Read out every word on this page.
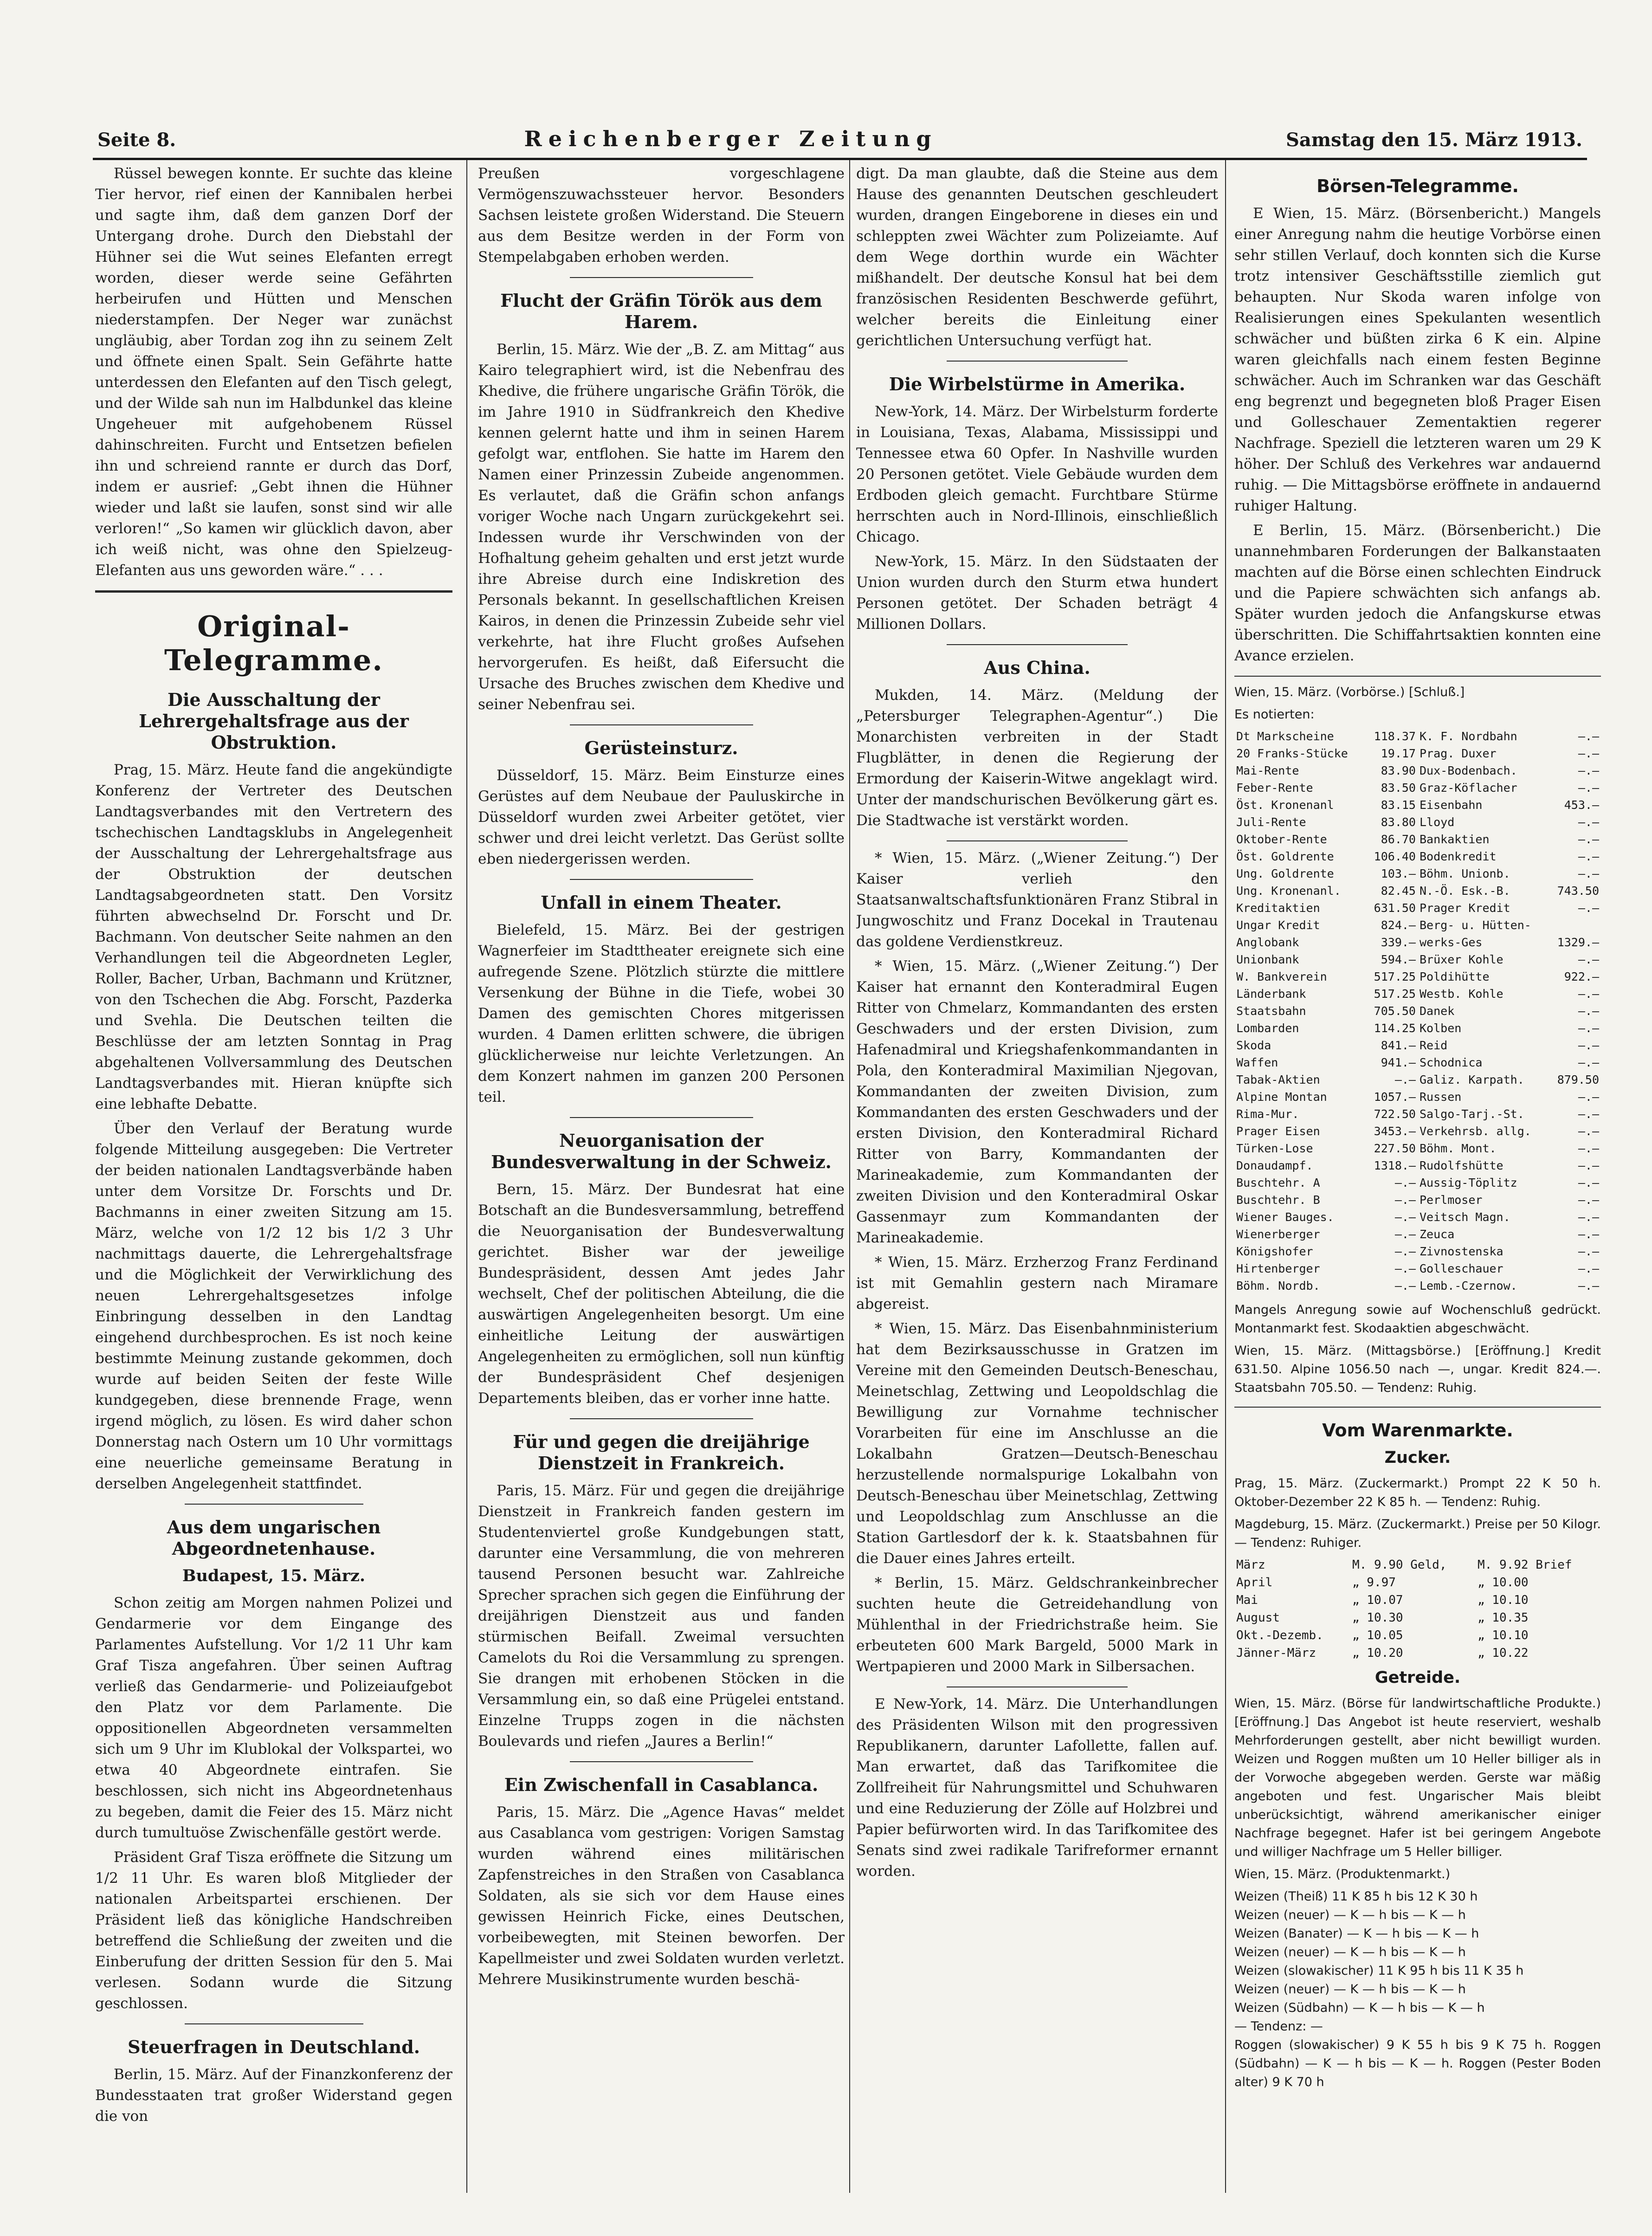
Seite 8.	Reichenberger Zeitung	Samstag den 15. März 1913.

Rüssel bewegen konnte. Er suchte das kleine Tier hervor, rief einen der Kannibalen herbei und sagte ihm, daß dem ganzen Dorf der Untergang drohe. Durch den Diebstahl der Hühner sei die Wut seines Elefanten erregt worden, dieser werde seine Gefährten herbeirufen und Hütten und Menschen niederstampfen. Der Neger war zunächst ungläubig, aber Tordan zog ihn zu seinem Zelt und öffnete einen Spalt. Sein Gefährte hatte unterdessen den Elefanten auf den Tisch gelegt, und der Wilde sah nun im Halbdunkel das kleine Ungeheuer mit aufgehobenem Rüssel dahinschreiten. Furcht und Entsetzen befielen ihn und schreiend rannte er durch das Dorf, indem er ausrief: „Gebt ihnen die Hühner wieder und laßt sie laufen, sonst sind wir alle verloren!“ „So kamen wir glücklich davon, aber ich weiß nicht, was ohne den Spielzeug-Elefanten aus uns geworden wäre.“ . . .

Original-Telegramme.
Die Ausschaltung der Lehrergehaltsfrage aus der Obstruktion.

Prag, 15. März. Heute fand die angekündigte Konferenz der Vertreter des Deutschen Landtagsverbandes mit den Vertretern des tschechischen Landtagsklubs in Angelegenheit der Ausschaltung der Lehrergehaltsfrage aus der Obstruktion der deutschen Landtagsabgeordneten statt. Den Vorsitz führten abwechselnd Dr. Forscht und Dr. Bachmann. Von deutscher Seite nahmen an den Verhandlungen teil die Abgeordneten Legler, Roller, Bacher, Urban, Bachmann und Krützner, von den Tschechen die Abg. Forscht, Pazderka und Svehla. Die Deutschen teilten die Beschlüsse der am letzten Sonntag in Prag abgehaltenen Vollversammlung des Deutschen Landtagsverbandes mit. Hieran knüpfte sich eine lebhafte Debatte.

Über den Verlauf der Beratung wurde folgende Mitteilung ausgegeben: Die Vertreter der beiden nationalen Landtagsverbände haben unter dem Vorsitze Dr. Forschts und Dr. Bachmanns in einer zweiten Sitzung am 15. März, welche von 1/2 12 bis 1/2 3 Uhr nachmittags dauerte, die Lehrergehaltsfrage und die Möglichkeit der Verwirklichung des neuen Lehrergehaltsgesetzes infolge Einbringung desselben in den Landtag eingehend durchbesprochen. Es ist noch keine bestimmte Meinung zustande gekommen, doch wurde auf beiden Seiten der feste Wille kundgegeben, diese brennende Frage, wenn irgend möglich, zu lösen. Es wird daher schon Donnerstag nach Ostern um 10 Uhr vormittags eine neuerliche gemeinsame Beratung in derselben Angelegenheit stattfindet.

Aus dem ungarischen Abgeordnetenhause.
Budapest, 15. März.

Schon zeitig am Morgen nahmen Polizei und Gendarmerie vor dem Eingange des Parlamentes Aufstellung. Vor 1/2 11 Uhr kam Graf Tisza angefahren. Über seinen Auftrag verließ das Gendarmerie- und Polizeiaufgebot den Platz vor dem Parlamente. Die oppositionellen Abgeordneten versammelten sich um 9 Uhr im Klublokal der Volkspartei, wo etwa 40 Abgeordnete eintrafen. Sie beschlossen, sich nicht ins Abgeordnetenhaus zu begeben, damit die Feier des 15. März nicht durch tumultuöse Zwischenfälle gestört werde.

Präsident Graf Tisza eröffnete die Sitzung um 1/2 11 Uhr. Es waren bloß Mitglieder der nationalen Arbeitspartei erschienen. Der Präsident ließ das königliche Handschreiben betreffend die Schließung der zweiten und die Einberufung der dritten Session für den 5. Mai verlesen. Sodann wurde die Sitzung geschlossen.

Steuerfragen in Deutschland.

Berlin, 15. März. Auf der Finanzkonferenz der Bundesstaaten trat großer Widerstand gegen die von

Preußen vorgeschlagene Vermögenszuwachssteuer hervor. Besonders Sachsen leistete großen Widerstand. Die Steuern aus dem Besitze werden in der Form von Stempelabgaben erhoben werden.

Flucht der Gräfin Török aus dem Harem.

Berlin, 15. März. Wie der „B. Z. am Mittag“ aus Kairo telegraphiert wird, ist die Nebenfrau des Khedive, die frühere ungarische Gräfin Török, die im Jahre 1910 in Südfrankreich den Khedive kennen gelernt hatte und ihm in seinen Harem gefolgt war, entflohen. Sie hatte im Harem den Namen einer Prinzessin Zubeide angenommen. Es verlautet, daß die Gräfin schon anfangs voriger Woche nach Ungarn zurückgekehrt sei. Indessen wurde ihr Verschwinden von der Hofhaltung geheim gehalten und erst jetzt wurde ihre Abreise durch eine Indiskretion des Personals bekannt. In gesellschaftlichen Kreisen Kairos, in denen die Prinzessin Zubeide sehr viel verkehrte, hat ihre Flucht großes Aufsehen hervorgerufen. Es heißt, daß Eifersucht die Ursache des Bruches zwischen dem Khedive und seiner Nebenfrau sei.

Gerüsteinsturz.

Düsseldorf, 15. März. Beim Einsturze eines Gerüstes auf dem Neubaue der Pauluskirche in Düsseldorf wurden zwei Arbeiter getötet, vier schwer und drei leicht verletzt. Das Gerüst sollte eben niedergerissen werden.

Unfall in einem Theater.

Bielefeld, 15. März. Bei der gestrigen Wagnerfeier im Stadttheater ereignete sich eine aufregende Szene. Plötzlich stürzte die mittlere Versenkung der Bühne in die Tiefe, wobei 30 Damen des gemischten Chores mitgerissen wurden. 4 Damen erlitten schwere, die übrigen glücklicherweise nur leichte Verletzungen. An dem Konzert nahmen im ganzen 200 Personen teil.

Neuorganisation der Bundesverwaltung in der Schweiz.

Bern, 15. März. Der Bundesrat hat eine Botschaft an die Bundesversammlung, betreffend die Neuorganisation der Bundesverwaltung gerichtet. Bisher war der jeweilige Bundespräsident, dessen Amt jedes Jahr wechselt, Chef der politischen Abteilung, die die auswärtigen Angelegenheiten besorgt. Um eine einheitliche Leitung der auswärtigen Angelegenheiten zu ermöglichen, soll nun künftig der Bundespräsident Chef desjenigen Departements bleiben, das er vorher inne hatte.

Für und gegen die dreijährige Dienstzeit in Frankreich.

Paris, 15. März. Für und gegen die dreijährige Dienstzeit in Frankreich fanden gestern im Studentenviertel große Kundgebungen statt, darunter eine Versammlung, die von mehreren tausend Personen besucht war. Zahlreiche Sprecher sprachen sich gegen die Einführung der dreijährigen Dienstzeit aus und fanden stürmischen Beifall. Zweimal versuchten Camelots du Roi die Versammlung zu sprengen. Sie drangen mit erhobenen Stöcken in die Versammlung ein, so daß eine Prügelei entstand. Einzelne Trupps zogen in die nächsten Boulevards und riefen „Jaures a Berlin!“

Ein Zwischenfall in Casablanca.

Paris, 15. März. Die „Agence Havas“ meldet aus Casablanca vom gestrigen: Vorigen Samstag wurden während eines militärischen Zapfenstreiches in den Straßen von Casablanca Soldaten, als sie sich vor dem Hause eines gewissen Heinrich Ficke, eines Deutschen, vorbeibewegten, mit Steinen beworfen. Der Kapellmeister und zwei Soldaten wurden verletzt. Mehrere Musikinstrumente wurden beschä-

digt. Da man glaubte, daß die Steine aus dem Hause des genannten Deutschen geschleudert wurden, drangen Eingeborene in dieses ein und schleppten zwei Wächter zum Polizeiamte. Auf dem Wege dorthin wurde ein Wächter mißhandelt. Der deutsche Konsul hat bei dem französischen Residenten Beschwerde geführt, welcher bereits die Einleitung einer gerichtlichen Untersuchung verfügt hat.

Die Wirbelstürme in Amerika.

New-York, 14. März. Der Wirbelsturm forderte in Louisiana, Texas, Alabama, Mississippi und Tennessee etwa 60 Opfer. In Nashville wurden 20 Personen getötet. Viele Gebäude wurden dem Erdboden gleich gemacht. Furchtbare Stürme herrschten auch in Nord-Illinois, einschließlich Chicago.

New-York, 15. März. In den Südstaaten der Union wurden durch den Sturm etwa hundert Personen getötet. Der Schaden beträgt 4 Millionen Dollars.

Aus China.

Mukden, 14. März. (Meldung der „Petersburger Telegraphen-Agentur“.) Die Monarchisten verbreiten in der Stadt Flugblätter, in denen die Regierung der Ermordung der Kaiserin-Witwe angeklagt wird. Unter der mandschurischen Bevölkerung gärt es. Die Stadtwache ist verstärkt worden.

* Wien, 15. März. („Wiener Zeitung.“) Der Kaiser verlieh den Staatsanwaltschaftsfunktionären Franz Stibral in Jungwoschitz und Franz Docekal in Trautenau das goldene Verdienstkreuz.

* Wien, 15. März. („Wiener Zeitung.“) Der Kaiser hat ernannt den Konteradmiral Eugen Ritter von Chmelarz, Kommandanten des ersten Geschwaders und der ersten Division, zum Hafenadmiral und Kriegshafenkommandanten in Pola, den Konteradmiral Maximilian Njegovan, Kommandanten der zweiten Division, zum Kommandanten des ersten Geschwaders und der ersten Division, den Konteradmiral Richard Ritter von Barry, Kommandanten der Marineakademie, zum Kommandanten der zweiten Division und den Konteradmiral Oskar Gassenmayr zum Kommandanten der Marineakademie.

* Wien, 15. März. Erzherzog Franz Ferdinand ist mit Gemahlin gestern nach Miramare abgereist.

* Wien, 15. März. Das Eisenbahnministerium hat dem Bezirksausschusse in Gratzen im Vereine mit den Gemeinden Deutsch-Beneschau, Meinetschlag, Zettwing und Leopoldschlag die Bewilligung zur Vornahme technischer Vorarbeiten für eine im Anschlusse an die Lokalbahn Gratzen—Deutsch-Beneschau herzustellende normalspurige Lokalbahn von Deutsch-Beneschau über Meinetschlag, Zettwing und Leopoldschlag zum Anschlusse an die Station Gartlesdorf der k. k. Staatsbahnen für die Dauer eines Jahres erteilt.

* Berlin, 15. März. Geldschrankeinbrecher suchten heute die Getreidehandlung von Mühlenthal in der Friedrichstraße heim. Sie erbeuteten 600 Mark Bargeld, 5000 Mark in Wertpapieren und 2000 Mark in Silbersachen.

E New-York, 14. März. Die Unterhandlungen des Präsidenten Wilson mit den progressiven Republikanern, darunter Lafollette, fallen auf. Man erwartet, daß das Tarifkomitee die Zollfreiheit für Nahrungsmittel und Schuhwaren und eine Reduzierung der Zölle auf Holzbrei und Papier befürworten wird. In das Tarifkomitee des Senats sind zwei radikale Tarifreformer ernannt worden.

Börsen-Telegramme.

E Wien, 15. März. (Börsenbericht.) Mangels einer Anregung nahm die heutige Vorbörse einen sehr stillen Verlauf, doch konnten sich die Kurse trotz intensiver Geschäftsstille ziemlich gut behaupten. Nur Skoda waren infolge von Realisierungen eines Spekulanten wesentlich schwächer und büßten zirka 6 K ein. Alpine waren gleichfalls nach einem festen Beginne schwächer. Auch im Schranken war das Geschäft eng begrenzt und begegneten bloß Prager Eisen und Golleschauer Zementaktien regerer Nachfrage. Speziell die letzteren waren um 29 K höher. Der Schluß des Verkehres war andauernd ruhig. — Die Mittagsbörse eröffnete in andauernd ruhiger Haltung.

E Berlin, 15. März. (Börsenbericht.) Die unannehmbaren Forderungen der Balkanstaaten machten auf die Börse einen schlechten Eindruck und die Papiere schwächten sich anfangs ab. Später wurden jedoch die Anfangskurse etwas überschritten. Die Schiffahrtsaktien konnten eine Avance erzielen.

Wien, 15. März. (Vorbörse.) [Schluß.]

Es notierten:

Dt Markscheine	118.37	K. F. Nordbahn	—.—
20 Franks-Stücke	19.17	Prag. Duxer	—.—
Mai-Rente	83.90	Dux-Bodenbach.	—.—
Feber-Rente	83.50	Graz-Köflacher	—.—
Öst. Kronenanl	83.15	Eisenbahn	453.—
Juli-Rente	83.80	Lloyd	—.—
Oktober-Rente	86.70	Bankaktien	—.—
Öst. Goldrente	106.40	Bodenkredit	—.—
Ung. Goldrente	103.—	Böhm. Unionb.	—.—
Ung. Kronenanl.	82.45	N.-Ö. Esk.-B.	743.50
Kreditaktien	631.50	Prager Kredit	—.—
Ungar Kredit	824.—	Berg- u. Hütten-	
Anglobank	339.—	werks-Ges	1329.—
Unionbank	594.—	Brüxer Kohle	—.—
W. Bankverein	517.25	Poldihütte	922.—
Länderbank	517.25	Westb. Kohle	—.—
Staatsbahn	705.50	Danek	—.—
Lombarden	114.25	Kolben	—.—
Skoda	841.—	Reid	—.—
Waffen	941.—	Schodnica	—.—
Tabak-Aktien	—.—	Galiz. Karpath.	879.50
Alpine Montan	1057.—	Russen	—.—
Rima-Mur.	722.50	Salgo-Tarj.-St.	—.—
Prager Eisen	3453.—	Verkehrsb. allg.	—.—
Türken-Lose	227.50	Böhm. Mont.	—.—
Donaudampf.	1318.—	Rudolfshütte	—.—
Buschtehr. A	—.—	Aussig-Töplitz	—.—
Buschtehr. B	—.—	Perlmoser	—.—
Wiener Bauges.	—.—	Veitsch Magn.	—.—
Wienerberger	—.—	Zeuca	—.—
Königshofer	—.—	Zivnostenska	—.—
Hirtenberger	—.—	Golleschauer	—.—
Böhm. Nordb.	—.—	Lemb.-Czernow.	—.—

Mangels Anregung sowie auf Wochenschluß gedrückt. Montanmarkt fest. Skodaaktien abgeschwächt.

Wien, 15. März. (Mittagsbörse.) [Eröffnung.] Kredit 631.50. Alpine 1056.50 nach —, ungar. Kredit 824.—. Staatsbahn 705.50. — Tendenz: Ruhig.

Vom Warenmarkte.
Zucker.

Prag, 15. März. (Zuckermarkt.) Prompt 22 K 50 h. Oktober-Dezember 22 K 85 h. — Tendenz: Ruhig.

Magdeburg, 15. März. (Zuckermarkt.) Preise per 50 Kilogr. — Tendenz: Ruhiger.

März	M. 9.90 Geld,	M. 9.92 Brief
April	„ 9.97	„ 10.00
Mai	„ 10.07	„ 10.10
August	„ 10.30	„ 10.35
Okt.-Dezemb.	„ 10.05	„ 10.10
Jänner-März	„ 10.20	„ 10.22
Getreide.

Wien, 15. März. (Börse für landwirtschaftliche Produkte.) [Eröffnung.] Das Angebot ist heute reserviert, weshalb Mehrforderungen gestellt, aber nicht bewilligt wurden. Weizen und Roggen mußten um 10 Heller billiger als in der Vorwoche abgegeben werden. Gerste war mäßig angeboten und fest. Ungarischer Mais bleibt unberücksichtigt, während amerikanischer einiger Nachfrage begegnet. Hafer ist bei geringem Angebote und williger Nachfrage um 5 Heller billiger.

Wien, 15. März. (Produktenmarkt.)

Weizen (Theiß) 11 K 85 h bis 12 K 30 h

Weizen (neuer) — K — h bis — K — h

Weizen (Banater) — K — h bis — K — h

Weizen (neuer) — K — h bis — K — h

Weizen (slowakischer) 11 K 95 h bis 11 K 35 h

Weizen (neuer) — K — h bis — K — h

Weizen (Südbahn) — K — h bis — K — h

— Tendenz: —

Roggen (slowakischer) 9 K 55 h bis 9 K 75 h. Roggen (Südbahn) — K — h bis — K — h. Roggen (Pester Boden alter) 9 K 70 h
